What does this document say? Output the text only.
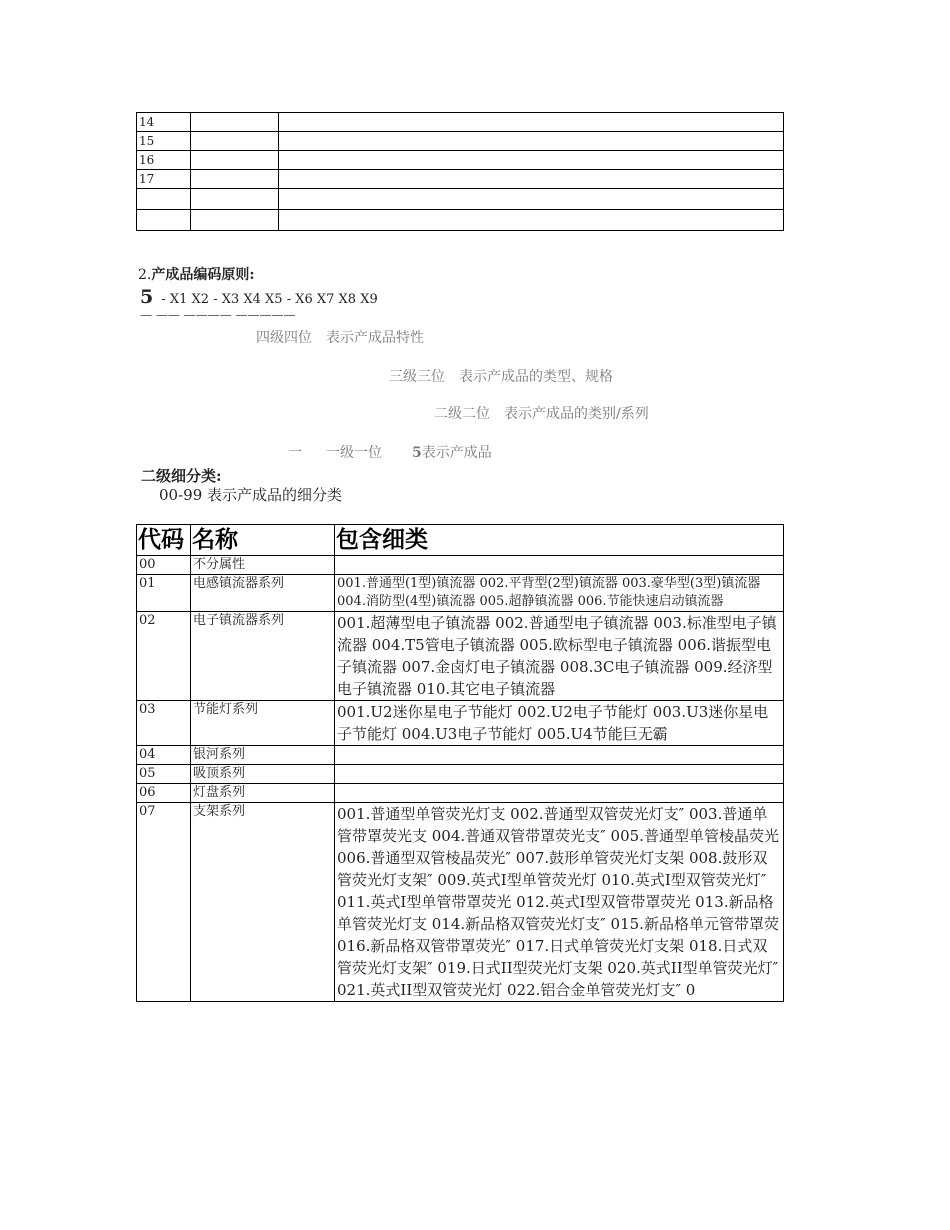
14		
15		
16		
17		

2.产成品编码原则:
5 - X1 X2 - X3 X4 X5 - X6 X7 X8 X9
— —— ———— —————
四级四位　表示产成品特性
三级三位　表示产成品的类型、规格
二级二位　表示产成品的类别/系列
一 一级一位 5表示产成品
二级细分类:
00-99 表示产成品的细分类
代码	名称	包含细类
00	不分属性	
01	电感镇流器系列	001.普通型(1型)镇流器 002.平背型(2型)镇流器 003.豪华型(3型)镇流器 004.消防型(4型)镇流器 005.超静镇流器 006.节能快速启动镇流器
02	电子镇流器系列	001.超薄型电子镇流器 002.普通型电子镇流器 003.标准型电子镇流器 004.T5管电子镇流器 005.欧标型电子镇流器 006.谐振型电子镇流器 007.金卤灯电子镇流器 008.3C电子镇流器 009.经济型电子镇流器 010.其它电子镇流器
03	节能灯系列	001.U2迷你星电子节能灯 002.U2电子节能灯 003.U3迷你星电子节能灯 004.U3电子节能灯 005.U4节能巨无霸
04	银河系列	
05	吸顶系列	
06	灯盘系列	
07	支架系列	001.普通型单管荧光灯支 002.普通型双管荧光灯支″ 003.普通单管带罩荧光支 004.普通双管带罩荧光支″ 005.普通型单管棱晶荧光 006.普通型双管棱晶荧光″ 007.鼓形单管荧光灯支架 008.鼓形双管荧光灯支架″ 009.英式I型单管荧光灯 010.英式I型双管荧光灯″ 011.英式I型单管带罩荧光 012.英式I型双管带罩荧光 013.新品格单管荧光灯支 014.新品格双管荧光灯支″ 015.新品格单元管带罩荧 016.新品格双管带罩荧光″ 017.日式单管荧光灯支架 018.日式双管荧光灯支架″ 019.日式II型荧光灯支架 020.英式II型单管荧光灯″ 021.英式II型双管荧光灯 022.铝合金单管荧光灯支″ 0
